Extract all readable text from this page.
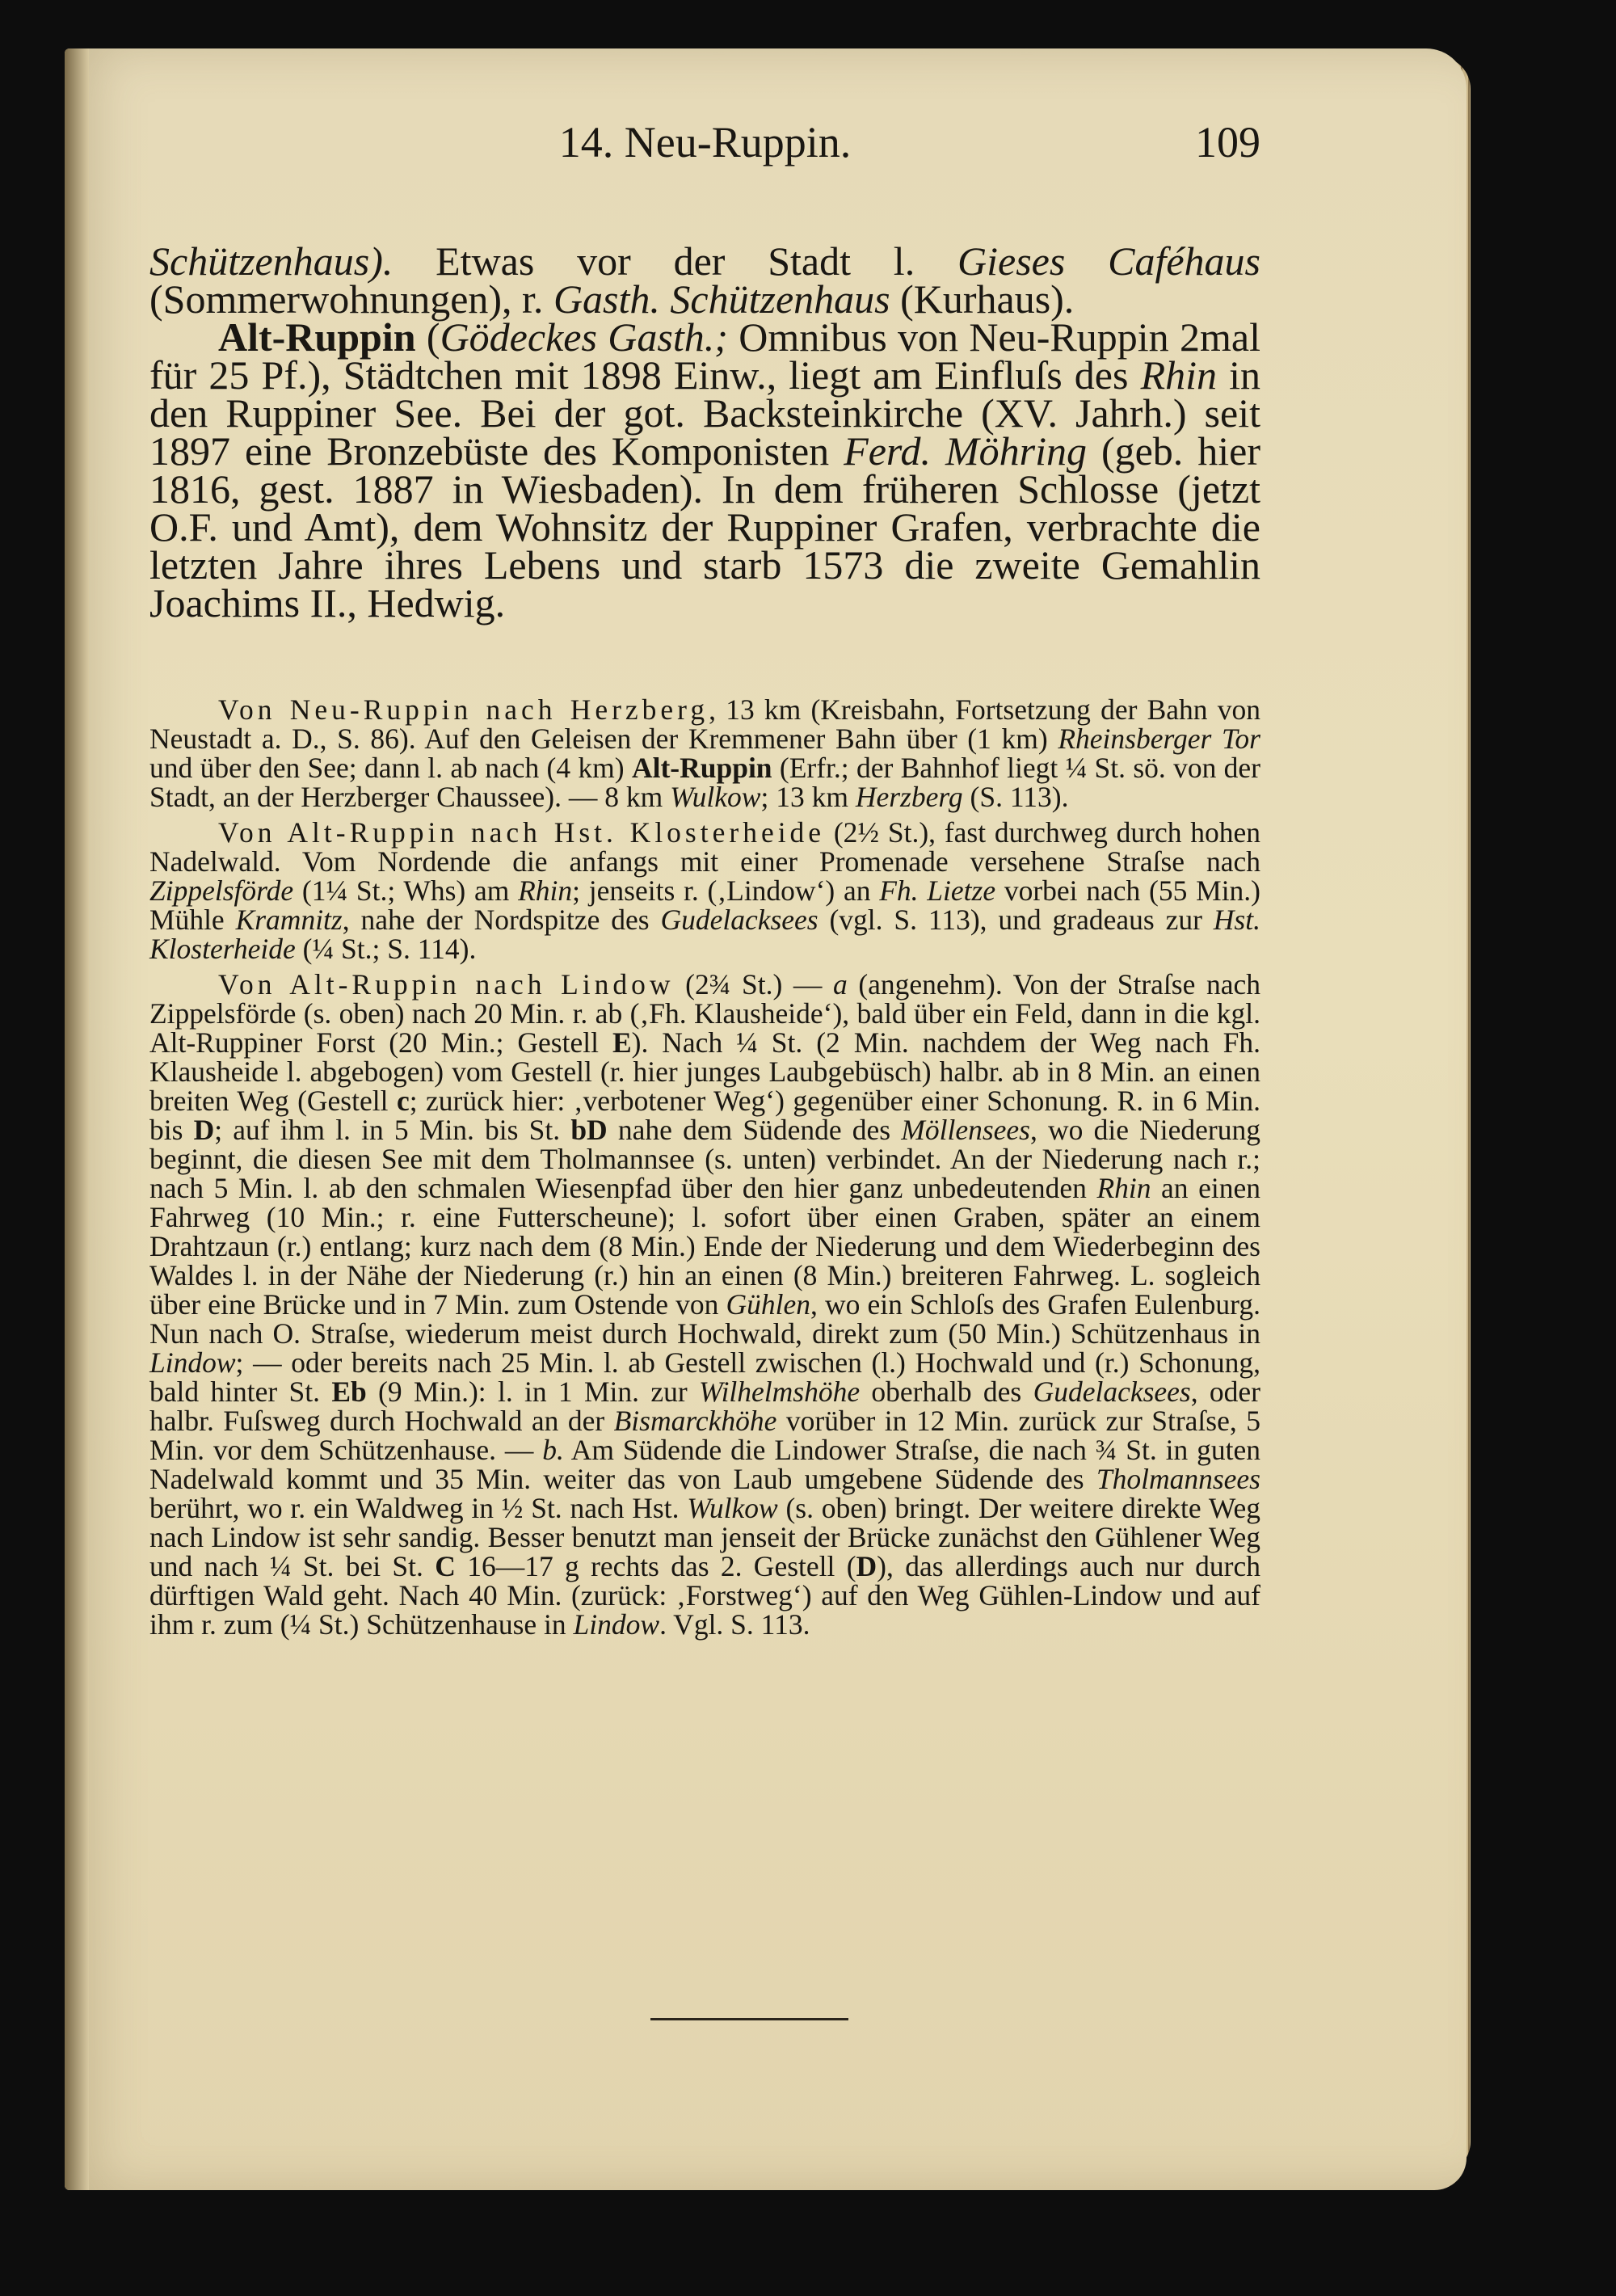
14. Neu-Ruppin.	109

Schützenhaus). Etwas vor der Stadt l. Gieses Caféhaus (Sommerwohnungen), r. Gasth. Schützenhaus (Kurhaus).

Alt-Ruppin (Gödeckes Gasth.; Omnibus von Neu-Ruppin 2mal für 25 Pf.), Städtchen mit 1898 Einw., liegt am Einfluſs des Rhin in den Ruppiner See. Bei der got. Backsteinkirche (XV. Jahrh.) seit 1897 eine Bronzebüste des Komponisten Ferd. Möhring (geb. hier 1816, gest. 1887 in Wiesbaden). In dem früheren Schlosse (jetzt O.F. und Amt), dem Wohnsitz der Ruppiner Grafen, verbrachte die letzten Jahre ihres Lebens und starb 1573 die zweite Gemahlin Joachims II., Hedwig.

Von Neu-Ruppin nach Herzberg, 13 km (Kreisbahn, Fortsetzung der Bahn von Neustadt a. D., S. 86). Auf den Geleisen der Kremmener Bahn über (1 km) Rheinsberger Tor und über den See; dann l. ab nach (4 km) Alt-Ruppin (Erfr.; der Bahnhof liegt ¼ St. sö. von der Stadt, an der Herzberger Chaussee). — 8 km Wulkow; 13 km Herzberg (S. 113).

Von Alt-Ruppin nach Hst. Klosterheide (2½ St.), fast durchweg durch hohen Nadelwald. Vom Nordende die anfangs mit einer Promenade versehene Straſse nach Zippelsförde (1¼ St.; Whs) am Rhin; jenseits r. (‚Lindow‘) an Fh. Lietze vorbei nach (55 Min.) Mühle Kramnitz, nahe der Nordspitze des Gudelacksees (vgl. S. 113), und gradeaus zur Hst. Klosterheide (¼ St.; S. 114).

Von Alt-Ruppin nach Lindow (2¾ St.) — a (angenehm). Von der Straſse nach Zippelsförde (s. oben) nach 20 Min. r. ab (‚Fh. Klausheide‘), bald über ein Feld, dann in die kgl. Alt-Ruppiner Forst (20 Min.; Gestell E). Nach ¼ St. (2 Min. nachdem der Weg nach Fh. Klausheide l. abgebogen) vom Gestell (r. hier junges Laubgebüsch) halbr. ab in 8 Min. an einen breiten Weg (Gestell c; zurück hier: ‚verbotener Weg‘) gegenüber einer Schonung. R. in 6 Min. bis D; auf ihm l. in 5 Min. bis St. bD nahe dem Südende des Möllensees, wo die Niederung beginnt, die diesen See mit dem Tholmannsee (s. unten) verbindet. An der Niederung nach r.; nach 5 Min. l. ab den schmalen Wiesenpfad über den hier ganz unbedeutenden Rhin an einen Fahrweg (10 Min.; r. eine Futterscheune); l. sofort über einen Graben, später an einem Drahtzaun (r.) entlang; kurz nach dem (8 Min.) Ende der Niederung und dem Wiederbeginn des Waldes l. in der Nähe der Niederung (r.) hin an einen (8 Min.) breiteren Fahrweg. L. sogleich über eine Brücke und in 7 Min. zum Ostende von Gühlen, wo ein Schloſs des Grafen Eulenburg. Nun nach O. Straſse, wiederum meist durch Hochwald, direkt zum (50 Min.) Schützenhaus in Lindow; — oder bereits nach 25 Min. l. ab Gestell zwischen (l.) Hochwald und (r.) Schonung, bald hinter St. Eb (9 Min.): l. in 1 Min. zur Wilhelmshöhe oberhalb des Gudelacksees, oder halbr. Fuſsweg durch Hochwald an der Bismarckhöhe vorüber in 12 Min. zurück zur Straſse, 5 Min. vor dem Schützenhause. — b. Am Südende die Lindower Straſse, die nach ¾ St. in guten Nadelwald kommt und 35 Min. weiter das von Laub umgebene Südende des Tholmannsees berührt, wo r. ein Waldweg in ½ St. nach Hst. Wulkow (s. oben) bringt. Der weitere direkte Weg nach Lindow ist sehr sandig. Besser benutzt man jenseit der Brücke zunächst den Gühlener Weg und nach ¼ St. bei St. C 16—17 g rechts das 2. Gestell (D), das allerdings auch nur durch dürftigen Wald geht. Nach 40 Min. (zurück: ‚Forstweg‘) auf den Weg Gühlen-Lindow und auf ihm r. zum (¼ St.) Schützenhause in Lindow. Vgl. S. 113.
